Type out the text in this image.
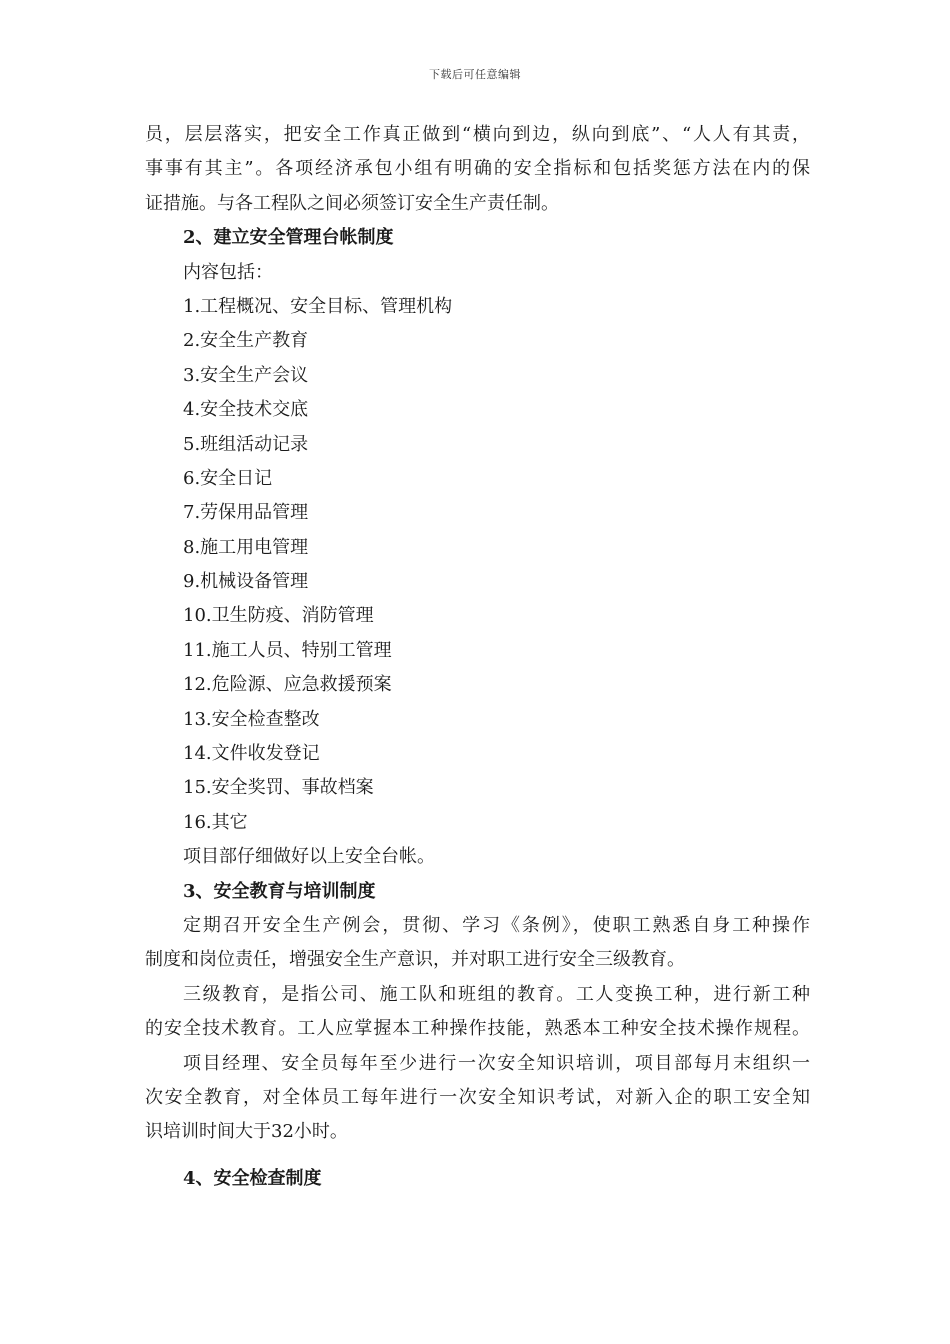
下载后可任意编辑
员，层层落实，把安全工作真正做到“横向到边，纵向到底”、“人人有其责，
事事有其主”。各项经济承包小组有明确的安全指标和包括奖惩方法在内的保
证措施。与各工程队之间必须签订安全生产责任制。
2、建立安全管理台帐制度
内容包括：
1.工程概况、安全目标、管理机构
2.安全生产教育
3.安全生产会议
4.安全技术交底
5.班组活动记录
6.安全日记
7.劳保用品管理
8.施工用电管理
9.机械设备管理
10.卫生防疫、消防管理
11.施工人员、特别工管理
12.危险源、应急救援预案
13.安全检查整改
14.文件收发登记
15.安全奖罚、事故档案
16.其它
项目部仔细做好以上安全台帐。
3、安全教育与培训制度
定期召开安全生产例会，贯彻、学习《条例》，使职工熟悉自身工种操作
制度和岗位责任，增强安全生产意识，并对职工进行安全三级教育。
三级教育，是指公司、施工队和班组的教育。工人变换工种，进行新工种
的安全技术教育。工人应掌握本工种操作技能，熟悉本工种安全技术操作规程。
项目经理、安全员每年至少进行一次安全知识培训，项目部每月末组织一
次安全教育，对全体员工每年进行一次安全知识考试，对新入企的职工安全知
识培训时间大于32小时。
4、安全检查制度
